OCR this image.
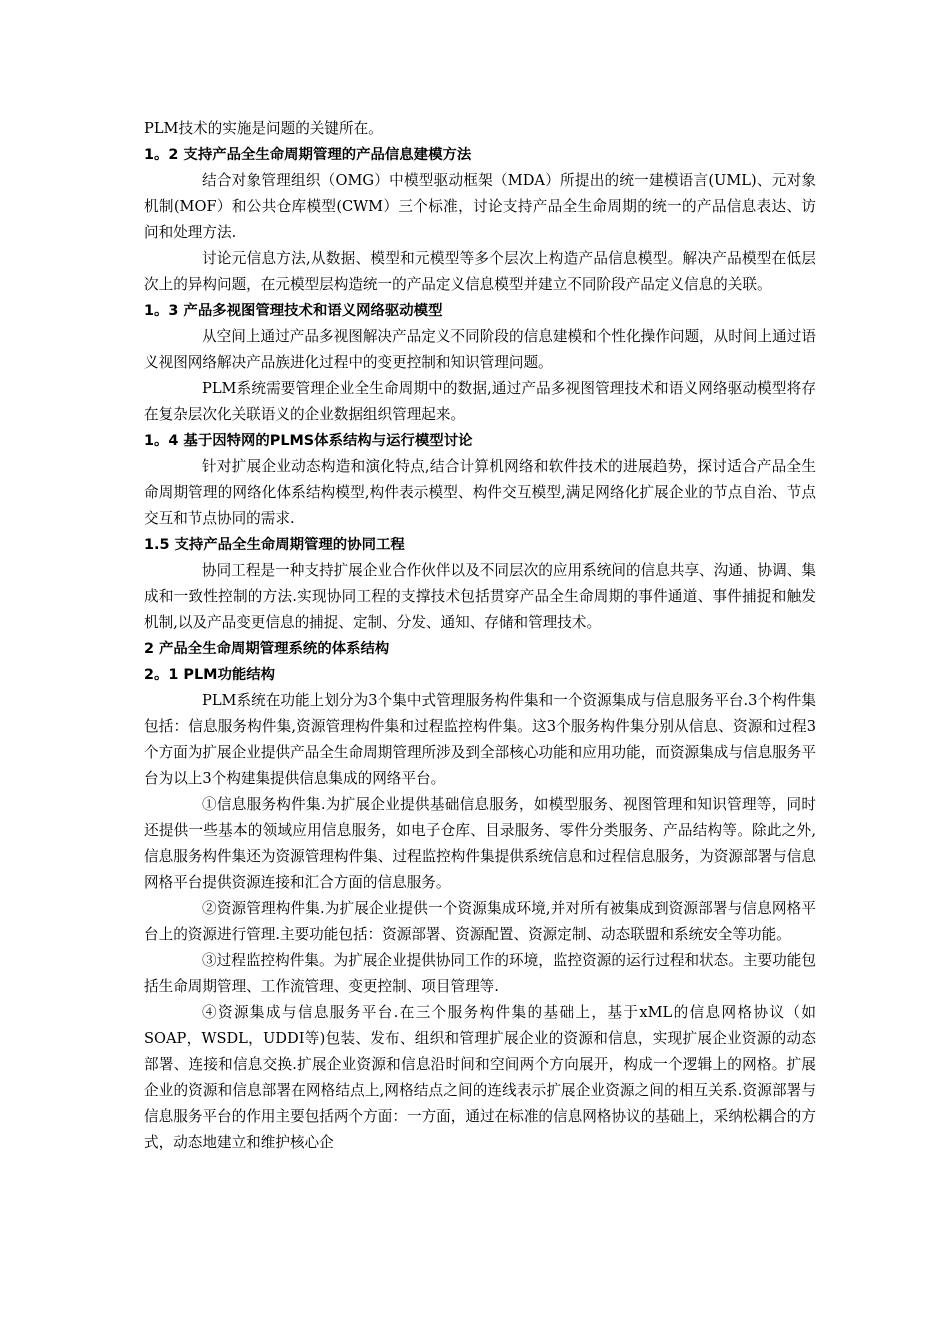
PLM技术的实施是问题的关键所在。

1。2 支持产品全生命周期管理的产品信息建模方法

结合对象管理组织（OMG）中模型驱动框架（MDA）所提出的统一建模语言(UML)、元对象机制(MOF）和公共仓库模型(CWM）三个标准，讨论支持产品全生命周期的统一的产品信息表达、访问和处理方法.

讨论元信息方法,从数据、模型和元模型等多个层次上构造产品信息模型。解决产品模型在低层次上的异构问题，在元模型层构造统一的产品定义信息模型并建立不同阶段产品定义信息的关联。

1。3 产品多视图管理技术和语义网络驱动模型

从空间上通过产品多视图解决产品定义不同阶段的信息建模和个性化操作问题，从时间上通过语义视图网络解决产品族进化过程中的变更控制和知识管理问题。

PLM系统需要管理企业全生命周期中的数据,通过产品多视图管理技术和语义网络驱动模型将存在复杂层次化关联语义的企业数据组织管理起来。

1。4 基于因特网的PLMS体系结构与运行模型讨论

针对扩展企业动态构造和演化特点,结合计算机网络和软件技术的进展趋势，探讨适合产品全生命周期管理的网络化体系结构模型,构件表示模型、构件交互模型,满足网络化扩展企业的节点自治、节点交互和节点协同的需求.

1.5 支持产品全生命周期管理的协同工程

协同工程是一种支持扩展企业合作伙伴以及不同层次的应用系统间的信息共享、沟通、协调、集成和一致性控制的方法.实现协同工程的支撑技术包括贯穿产品全生命周期的事件通道、事件捕捉和触发机制,以及产品变更信息的捕捉、定制、分发、通知、存储和管理技术。

2 产品全生命周期管理系统的体系结构

2。1 PLM功能结构

PLM系统在功能上划分为3个集中式管理服务构件集和一个资源集成与信息服务平台.3个构件集包括：信息服务构件集,资源管理构件集和过程监控构件集。这3个服务构件集分别从信息、资源和过程3个方面为扩展企业提供产品全生命周期管理所涉及到全部核心功能和应用功能，而资源集成与信息服务平台为以上3个构建集提供信息集成的网络平台。

①信息服务构件集.为扩展企业提供基础信息服务，如模型服务、视图管理和知识管理等，同时还提供一些基本的领域应用信息服务，如电子仓库、目录服务、零件分类服务、产品结构等。除此之外,信息服务构件集还为资源管理构件集、过程监控构件集提供系统信息和过程信息服务，为资源部署与信息网格平台提供资源连接和汇合方面的信息服务。

②资源管理构件集.为扩展企业提供一个资源集成环境,并对所有被集成到资源部署与信息网格平台上的资源进行管理.主要功能包括：资源部署、资源配置、资源定制、动态联盟和系统安全等功能。

③过程监控构件集。为扩展企业提供协同工作的环境，监控资源的运行过程和状态。主要功能包括生命周期管理、工作流管理、变更控制、项目管理等.

④资源集成与信息服务平台.在三个服务构件集的基础上，基于xML的信息网格协议（如SOAP，WSDL，UDDI等)包装、发布、组织和管理扩展企业的资源和信息，实现扩展企业资源的动态部署、连接和信息交换.扩展企业资源和信息沿时间和空间两个方向展开，构成一个逻辑上的网格。扩展企业的资源和信息部署在网格结点上,网格结点之间的连线表示扩展企业资源之间的相互关系.资源部署与信息服务平台的作用主要包括两个方面：一方面，通过在标准的信息网格协议的基础上，采纳松耦合的方式，动态地建立和维护核心企
